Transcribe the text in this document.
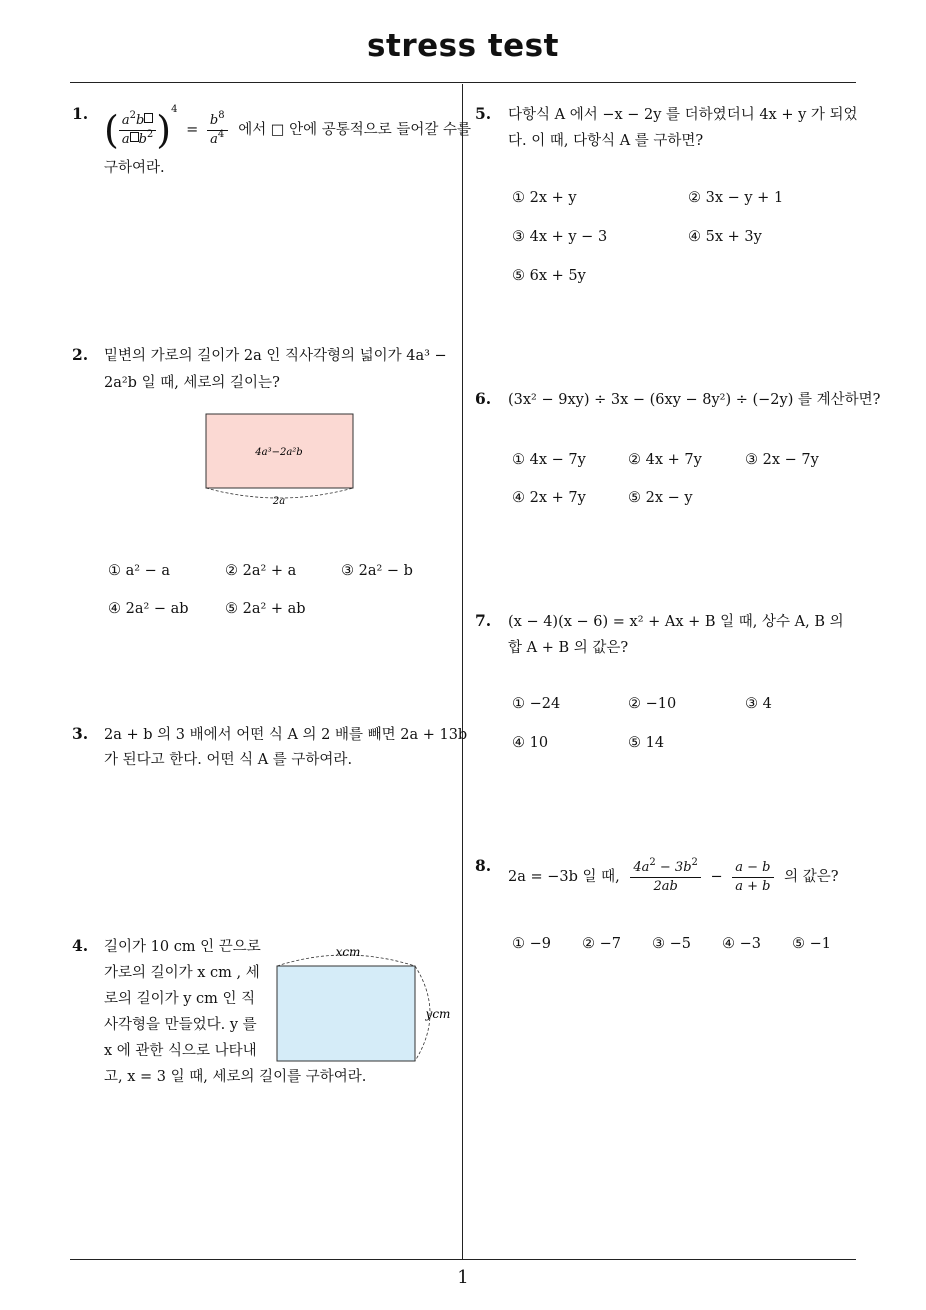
stress test
1
1. ( $\frac{a^2b}{a b^2} )^4 = \frac{b^8}{a^4}$ 에서 □ 안에 공통적으로 들어갈 수를
구하여라.
2. 밑변의 가로의 길이가 2a 인 직사각형의 넓이가 4a³ −
2a²b 일 때, 세로의 길이는?
4a³−2a²b
2a
① a² − a	② 2a² + a	③ 2a² − b
④ 2a² − ab	⑤ 2a² + ab
3. 2a + b 의 3 배에서 어떤 식 A 의 2 배를 빼면 2a + 13b
가 된다고 한다. 어떤 식 A 를 구하여라.
4. 길이가 10 cm 인 끈으로
가로의 길이가 x cm , 세
로의 길이가 y cm 인 직
사각형을 만들었다. y 를
x 에 관한 식으로 나타내
고, x = 3 일 때, 세로의 길이를 구하여라.
xcm
ycm
5. 다항식 A 에서 −x − 2y 를 더하였더니 4x + y 가 되었
다. 이 때, 다항식 A 를 구하면?
① 2x + y	② 3x − y + 1
③ 4x + y − 3	④ 5x + 3y
⑤ 6x + 5y
6. (3x² − 9xy) ÷ 3x − (6xy − 8y²) ÷ (−2y) 를 계산하면?
① 4x − 7y	② 4x + 7y	③ 2x − 7y
④ 2x + 7y	⑤ 2x − y
7. (x − 4)(x − 6) = x² + Ax + B 일 때, 상수 A, B 의
합 A + B 의 값은?
① −24	② −10	③ 4
④ 10	⑤ 14
8.
2a = −3b 일 때, $\frac{4a^2 - 3b^2}{2ab} - \frac{a - b}{a + b}$ 의 값은?
① −9 ② −7 ③ −5 ④ −3 ⑤ −1
